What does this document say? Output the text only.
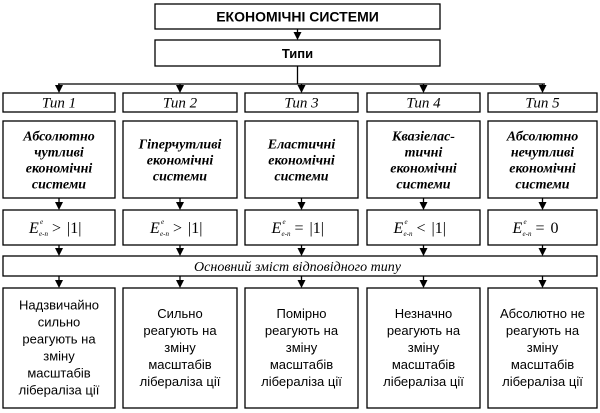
ЕКОНОМІЧНІ СИСТЕМИ
Типи
Основний зміст відповідного типу
Тип 1
Абсолютно
чутливі
економічні
системи
E e
е-п > |1|
Надзвичайно
сильно
реагують на
зміну
масштабів
лібераліза ції
Тип 2
Гіперчутливі
економічні
системи
E e
е-п > |1|
Сильно
реагують на
зміну
масштабів
лібераліза ції
Тип 3
Еластичні
економічні
системи
E e
е-п = |1|
Помірно
реагують на
зміну
масштабів
лібераліза ції
Тип 4
Квазіелас-
тичні
економічні
системи
E e
е-п < |1|
Незначно
реагують на
зміну
масштабів
лібераліза ції
Тип 5
Абсолютно
нечутливі
економічні
системи
E e
е-п = 0
Абсолютно не
реагують на
зміну
масштабів
лібераліза ції
